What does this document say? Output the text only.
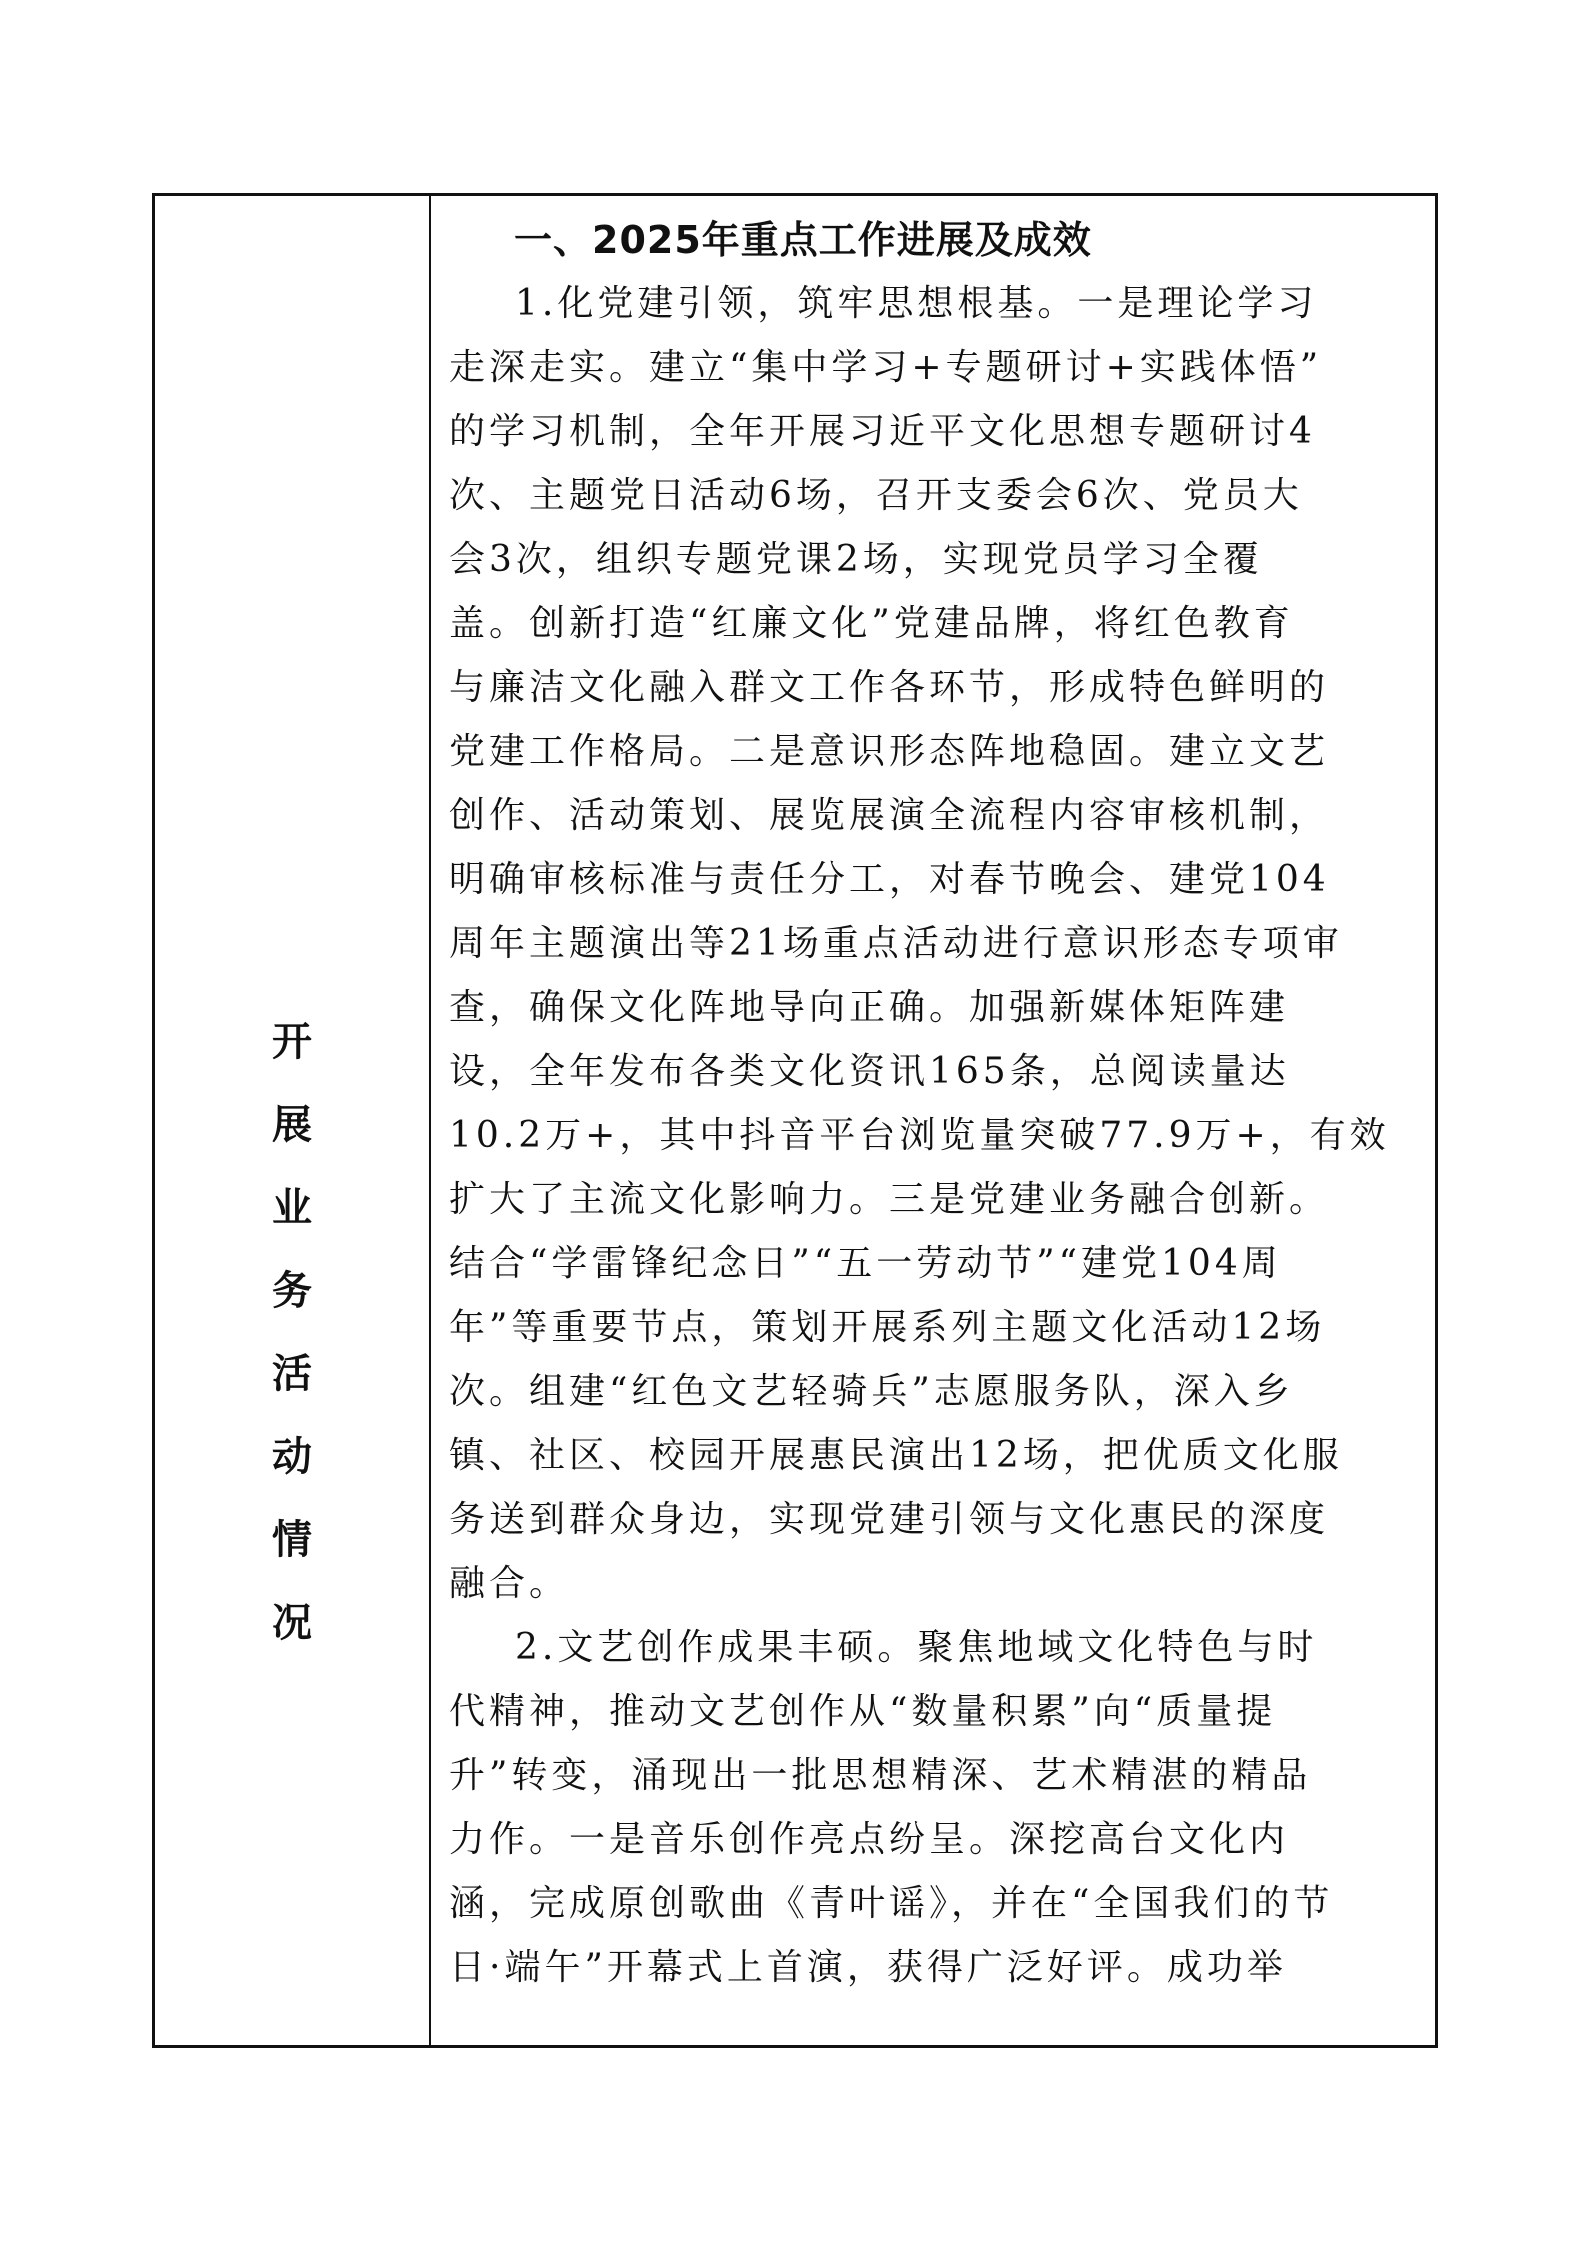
开
展
业
务
活
动
情
况
一、2025年重点工作进展及成效
1.化党建引领，筑牢思想根基。一是理论学习
走深走实。建立“集中学习+专题研讨+实践体悟”
的学习机制，全年开展习近平文化思想专题研讨4
次、主题党日活动6场，召开支委会6次、党员大
会3次，组织专题党课2场，实现党员学习全覆
盖。创新打造“红廉文化”党建品牌，将红色教育
与廉洁文化融入群文工作各环节，形成特色鲜明的
党建工作格局。二是意识形态阵地稳固。建立文艺
创作、活动策划、展览展演全流程内容审核机制，
明确审核标准与责任分工，对春节晚会、建党104
周年主题演出等21场重点活动进行意识形态专项审
查，确保文化阵地导向正确。加强新媒体矩阵建
设，全年发布各类文化资讯165条，总阅读量达
10.2万+，其中抖音平台浏览量突破77.9万+，有效
扩大了主流文化影响力。三是党建业务融合创新。
结合“学雷锋纪念日”“五一劳动节”“建党104周
年”等重要节点，策划开展系列主题文化活动12场
次。组建“红色文艺轻骑兵”志愿服务队，深入乡
镇、社区、校园开展惠民演出12场，把优质文化服
务送到群众身边，实现党建引领与文化惠民的深度
融合。
2.文艺创作成果丰硕。聚焦地域文化特色与时
代精神，推动文艺创作从“数量积累”向“质量提
升”转变，涌现出一批思想精深、艺术精湛的精品
力作。一是音乐创作亮点纷呈。深挖高台文化内
涵，完成原创歌曲《青叶谣》，并在“全国我们的节
日·端午”开幕式上首演，获得广泛好评。成功举
